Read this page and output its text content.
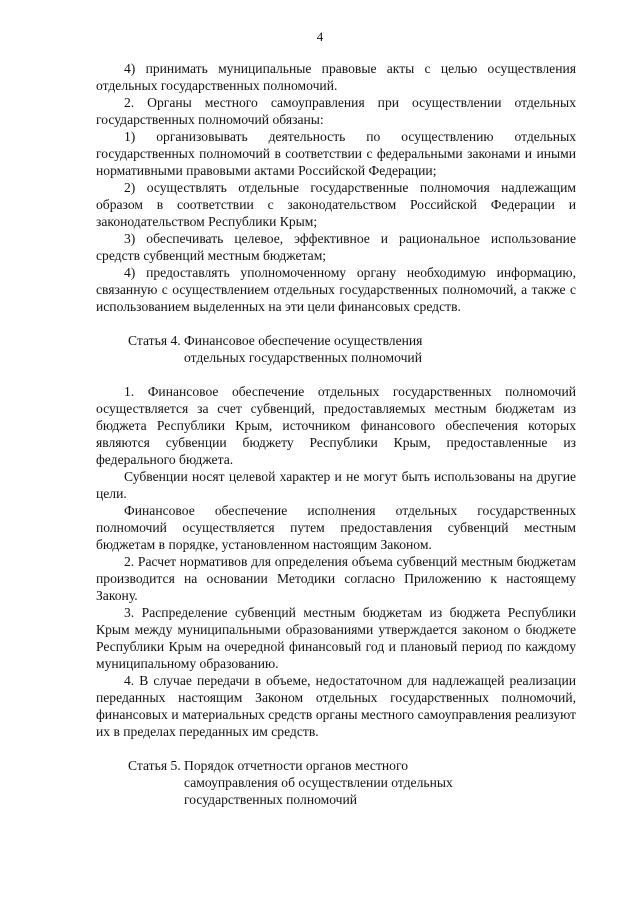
4

4) принимать муниципальные правовые акты с целью осуществления отдельных государственных полномочий.

2. Органы местного самоуправления при осуществлении отдельных государственных полномочий обязаны:

1) организовывать деятельность по осуществлению отдельных государственных полномочий в соответствии с федеральными законами и иными нормативными правовыми актами Российской Федерации;

2) осуществлять отдельные государственные полномочия надлежащим образом в соответствии с законодательством Российской Федерации и законодательством Республики Крым;

3) обеспечивать целевое, эффективное и рациональное использование средств субвенций местным бюджетам;

4) предоставлять уполномоченному органу необходимую информацию, связанную с осуществлением отдельных государственных полномочий, а также с использованием выделенных на эти цели финансовых средств.

Статья 4. Финансовое обеспечение осуществления
отдельных государственных полномочий

1. Финансовое обеспечение отдельных государственных полномочий осуществляется за счет субвенций, предоставляемых местным бюджетам из бюджета Республики Крым, источником финансового обеспечения которых являются субвенции бюджету Республики Крым, предоставленные из федерального бюджета.

Субвенции носят целевой характер и не могут быть использованы на другие цели.

Финансовое обеспечение исполнения отдельных государственных полномочий осуществляется путем предоставления субвенций местным бюджетам в порядке, установленном настоящим Законом.

2. Расчет нормативов для определения объема субвенций местным бюджетам производится на основании Методики согласно Приложению к настоящему Закону.

3. Распределение субвенций местным бюджетам из бюджета Республики Крым между муниципальными образованиями утверждается законом о бюджете Республики Крым на очередной финансовый год и плановый период по каждому муниципальному образованию.

4. В случае передачи в объеме, недостаточном для надлежащей реализации переданных настоящим Законом отдельных государственных полномочий, финансовых и материальных средств органы местного самоуправления реализуют их в пределах переданных им средств.

Статья 5. Порядок отчетности органов местного
самоуправления об осуществлении отдельных
государственных полномочий
